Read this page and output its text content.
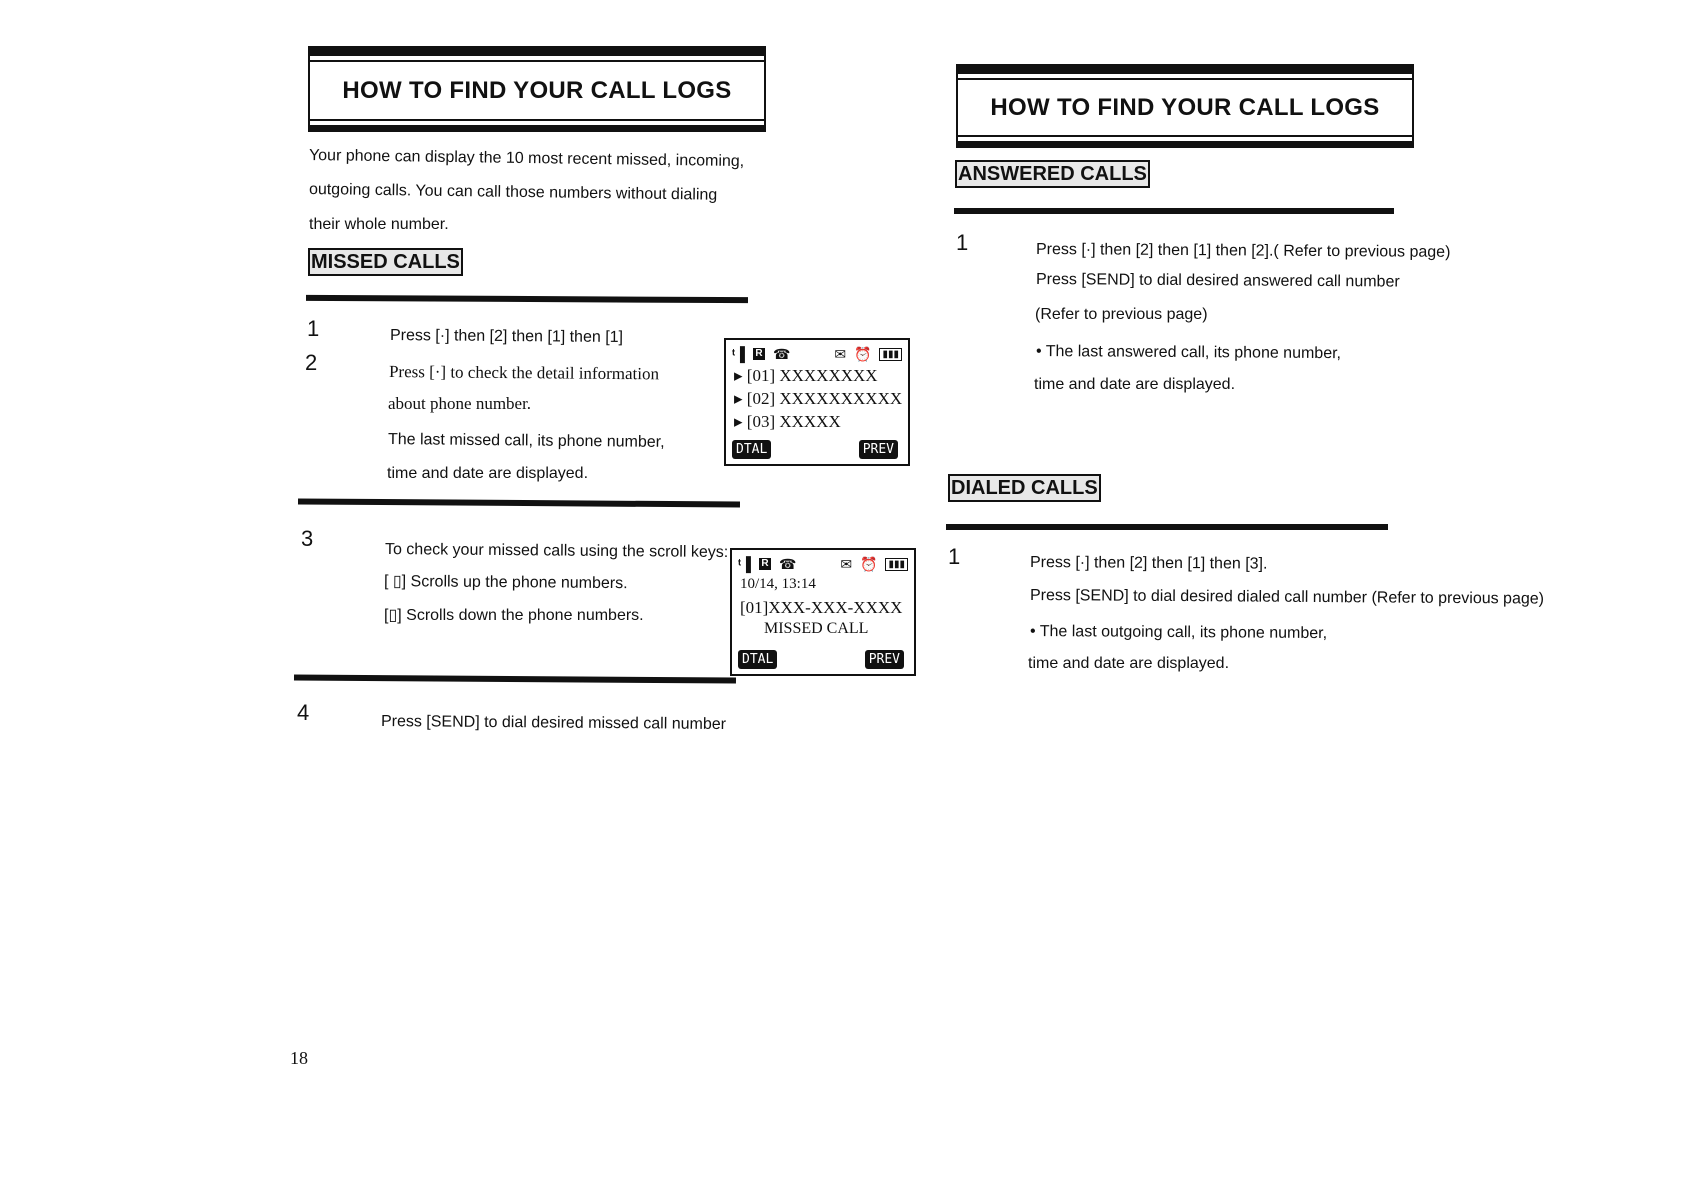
HOW TO FIND YOUR CALL LOGS
Your phone can display the 10 most recent missed, incoming,
outgoing calls. You can call those numbers without dialing
their whole number.
MISSED CALLS
1	Press [·] then [2] then [1] then [1]
2	Press [·] to check the detail information
about phone number.
The last missed call, its phone number,
time and date are displayed.
ᵗ▐ R ☎	✉ ⏰	▮▮▮
▸ [01] XXXXXXXX
▸ [02] XXXXXXXXXX
▸ [03] XXXXX
DTAL	PREV
3	To check your missed calls using the scroll keys:
[ ▯] Scrolls up the phone numbers.
[▯] Scrolls down the phone numbers.
ᵗ▐ R ☎	✉ ⏰	▮▮▮
10/14, 13:14
[01]XXX-XXX-XXXX
MISSED CALL
DTAL	PREV
4	Press [SEND] to dial desired missed call number
18
HOW TO FIND YOUR CALL LOGS
ANSWERED CALLS
1	Press [·] then [2] then [1] then [2].( Refer to previous page)
Press [SEND] to dial desired answered call number
(Refer to previous page)
• The last answered call, its phone number,
time and date are displayed.
DIALED CALLS
1	Press [·] then [2] then [1] then [3].
Press [SEND] to dial desired dialed call number (Refer to previous page)
• The last outgoing call, its phone number,
time and date are displayed.
